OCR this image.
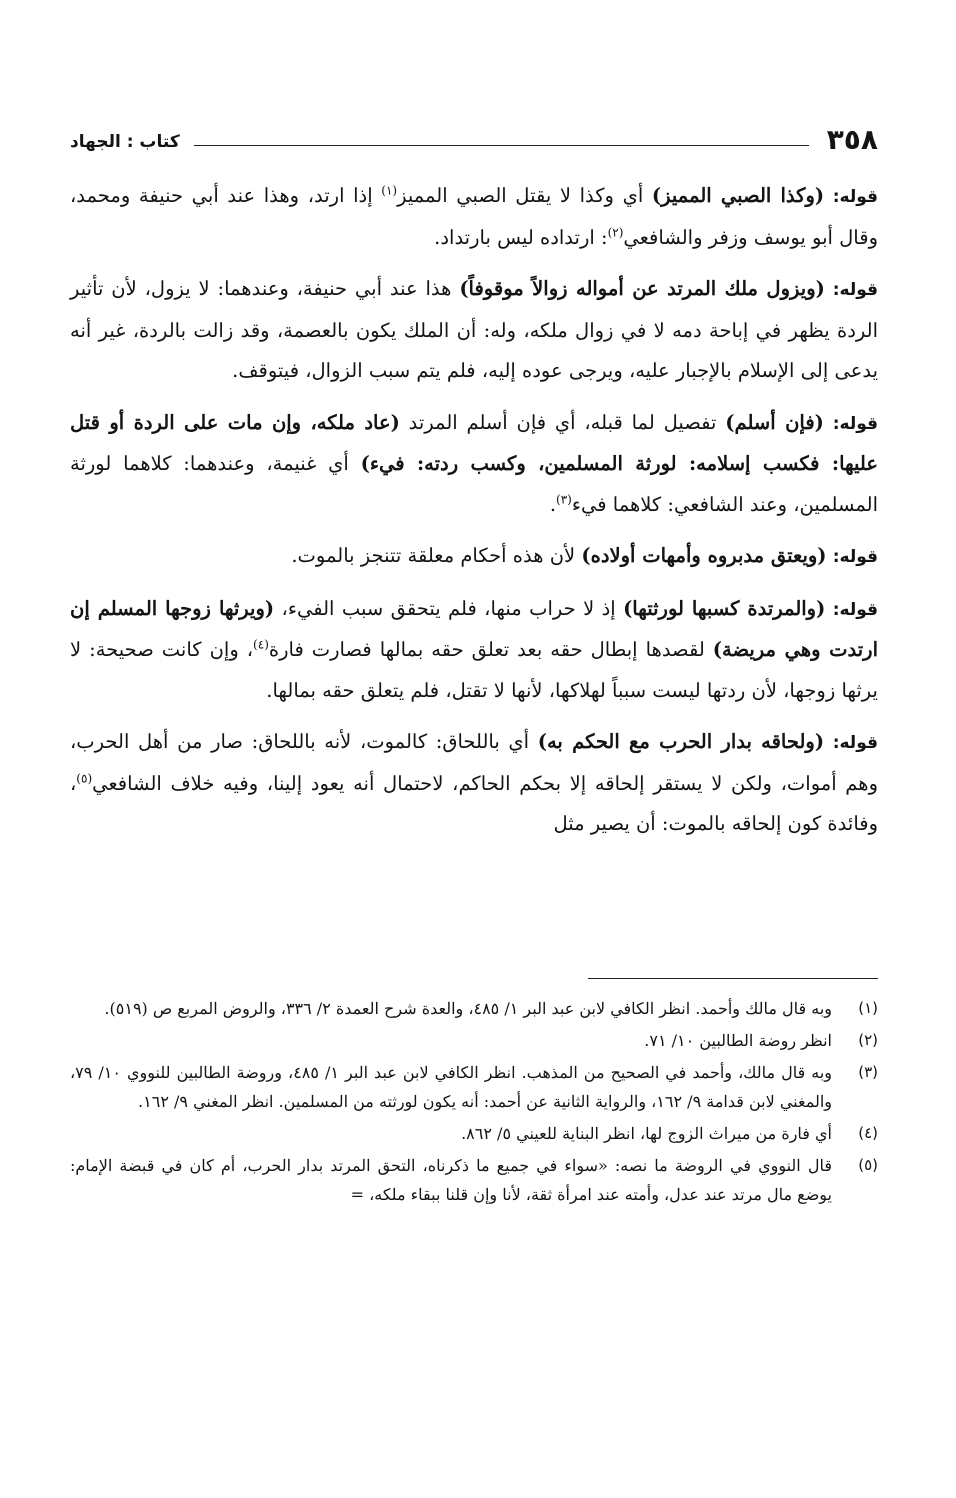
٣٥٨
كتاب : الجهاد

قوله: (وكذا الصبي المميز) أي وكذا لا يقتل الصبي المميز$^{(١)}$ إذا ارتد، وهذا عند أبي حنيفة ومحمد، وقال أبو يوسف وزفر والشافعي$^{(٢)}$: ارتداده ليس بارتداد.

قوله: (ويزول ملك المرتد عن أمواله زوالاً موقوفاً) هذا عند أبي حنيفة، وعندهما: لا يزول، لأن تأثير الردة يظهر في إباحة دمه لا في زوال ملكه، وله: أن الملك يكون بالعصمة، وقد زالت بالردة، غير أنه يدعى إلى الإسلام بالإجبار عليه، ويرجى عوده إليه، فلم يتم سبب الزوال، فيتوقف.

قوله: (فإن أسلم) تفصيل لما قبله، أي فإن أسلم المرتد (عاد ملكه، وإن مات على الردة أو قتل عليها: فكسب إسلامه: لورثة المسلمين، وكسب ردته: فيء) أي غنيمة، وعندهما: كلاهما لورثة المسلمين، وعند الشافعي: كلاهما فيء$^{(٣)}$.

قوله: (ويعتق مدبروه وأمهات أولاده) لأن هذه أحكام معلقة تتنجز بالموت.

قوله: (والمرتدة كسبها لورثتها) إذ لا حراب منها، فلم يتحقق سبب الفيء، (ويرثها زوجها المسلم إن ارتدت وهي مريضة) لقصدها إبطال حقه بعد تعلق حقه بمالها فصارت فارة$^{(٤)}$، وإن كانت صحيحة: لا يرثها زوجها، لأن ردتها ليست سبباً لهلاكها، لأنها لا تقتل، فلم يتعلق حقه بمالها.

قوله: (ولحاقه بدار الحرب مع الحكم به) أي باللحاق: كالموت، لأنه باللحاق: صار من أهل الحرب، وهم أموات، ولكن لا يستقر إلحاقه إلا بحكم الحاكم، لاحتمال أنه يعود إلينا، وفيه خلاف الشافعي$^{(٥)}$، وفائدة كون إلحاقه بالموت: أن يصير مثل

(١)
وبه قال مالك وأحمد. انظر الكافي لابن عبد البر ١/ ٤٨٥، والعدة شرح العمدة ٢/ ٣٣٦، والروض المربع ص (٥١٩).
(٢)
انظر روضة الطالبين ١٠/ ٧١.
(٣)
وبه قال مالك، وأحمد في الصحيح من المذهب. انظر الكافي لابن عبد البر ١/ ٤٨٥، وروضة الطالبين للنووي ١٠/ ٧٩، والمغني لابن قدامة ٩/ ١٦٢، والرواية الثانية عن أحمد: أنه يكون لورثته من المسلمين. انظر المغني ٩/ ١٦٢.
(٤)
أي فارة من ميراث الزوج لها، انظر البناية للعيني ٥/ ٨٦٢.
(٥)
قال النووي في الروضة ما نصه: «سواء في جميع ما ذكرناه، التحق المرتد بدار الحرب، أم كان في قبضة الإمام: يوضع مال مرتد عند عدل، وأمته عند امرأة ثقة، لأنا وإن قلنا ببقاء ملكه، =
